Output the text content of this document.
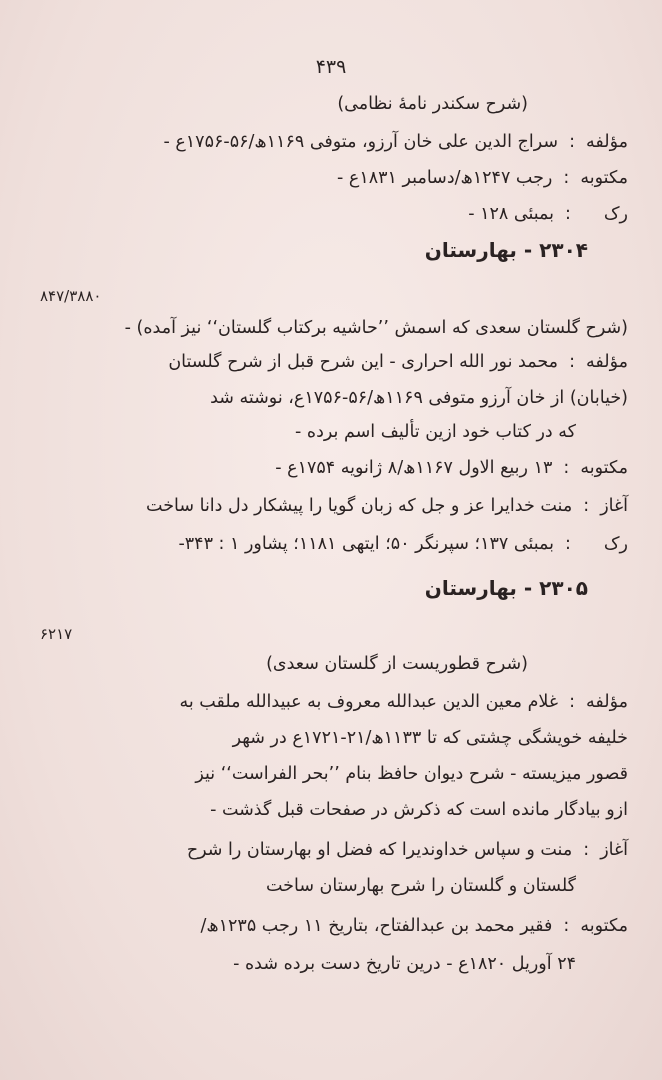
۴۳۹
(شرح سکندر نامۀ نظامی)
مؤلفه:سراج الدین علی خان آرزو، متوفی ۱۱۶۹ھ/۵۶-۱۷۵۶ع -
مکتوبه:رجب ۱۲۴۷ھ/دسامبر ۱۸۳۱ع -
رک:بمبئی ۱۲۸ -
۲۳۰۴ - بهارستان
۸۴۷/۳۸۸۰
(شرح گلستان سعدی که اسمش ’’حاشیه برکتاب گلستان‘‘ نیز آمده) -
مؤلفه:محمد نور الله احراری - این شرح قبل از شرح گلستان
(خیابان) از خان آرزو متوفی ۱۱۶۹ھ/۵۶-۱۷۵۶ع، نوشته شد
که در کتاب خود ازین تألیف اسم برده -
مکتوبه:۱۳ ربیع الاول ۱۱۶۷ھ/۸ ژانویه ۱۷۵۴ع -
آغاز:منت خدایرا عز و جل که زبان گویا را پیشکار دل دانا ساخت
رک:بمبئی ۱۳۷؛ سپرنگر ۵۰؛ ایتهی ۱۱۸۱؛ پشاور ۱ : ۳۴۳-
۲۳۰۵ - بهارستان
۶۲۱۷
(شرح قطوریست از گلستان سعدی)
مؤلفه:غلام معین الدین عبدالله معروف به عبیدالله ملقب به
خلیفه خویشگی چشتی که تا ۱۱۳۳ھ/۲۱-۱۷۲۱ع در شهر
قصور میزیسته - شرح دیوان حافظ بنام ’’بحر الفراست‘‘ نیز
ازو بیادگار مانده است که ذکرش در صفحات قبل گذشت -
آغاز:منت و سپاس خداوندیرا که فضل او بهارستان را شرح
گلستان و گلستان را شرح بهارستان ساخت
مکتوبه:فقیر محمد بن عبدالفتاح، بتاریخ ۱۱ رجب ۱۲۳۵ھ/
۲۴ آوریل ۱۸۲۰ع - درین تاریخ دست برده شده -
